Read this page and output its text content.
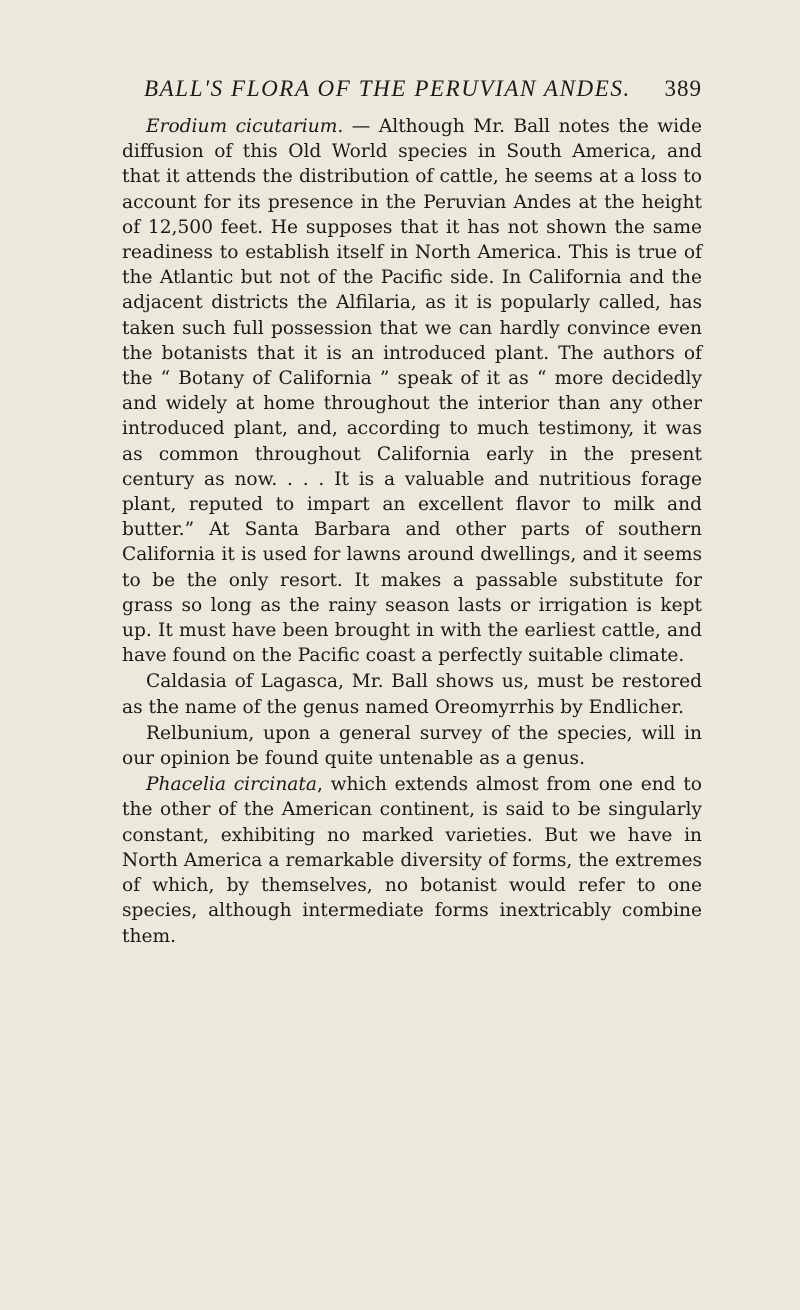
BALL'S FLORA OF THE PERUVIAN ANDES. 389

Erodium cicutarium. — Although Mr. Ball notes the wide diffusion of this Old World species in South America, and that it attends the distribution of cattle, he seems at a loss to account for its presence in the Peruvian Andes at the height of 12,500 feet. He supposes that it has not shown the same readiness to establish itself in North America. This is true of the Atlantic but not of the Pacific side. In California and the adjacent districts the Alfilaria, as it is popularly called, has taken such full possession that we can hardly convince even the botanists that it is an introduced plant. The authors of the “ Botany of California ” speak of it as “ more decidedly and widely at home throughout the interior than any other introduced plant, and, according to much testimony, it was as common throughout California early in the present century as now. . . . It is a valuable and nutritious forage plant, reputed to impart an excellent flavor to milk and butter.” At Santa Barbara and other parts of southern California it is used for lawns around dwellings, and it seems to be the only resort. It makes a passable substitute for grass so long as the rainy season lasts or irrigation is kept up. It must have been brought in with the earliest cattle, and have found on the Pacific coast a perfectly suitable climate.

Caldasia of Lagasca, Mr. Ball shows us, must be restored as the name of the genus named Oreomyrrhis by Endlicher.

Relbunium, upon a general survey of the species, will in our opinion be found quite untenable as a genus.

Phacelia circinata, which extends almost from one end to the other of the American continent, is said to be singularly constant, exhibiting no marked varieties. But we have in North America a remarkable diversity of forms, the extremes of which, by themselves, no botanist would refer to one species, although intermediate forms inextricably combine them.
